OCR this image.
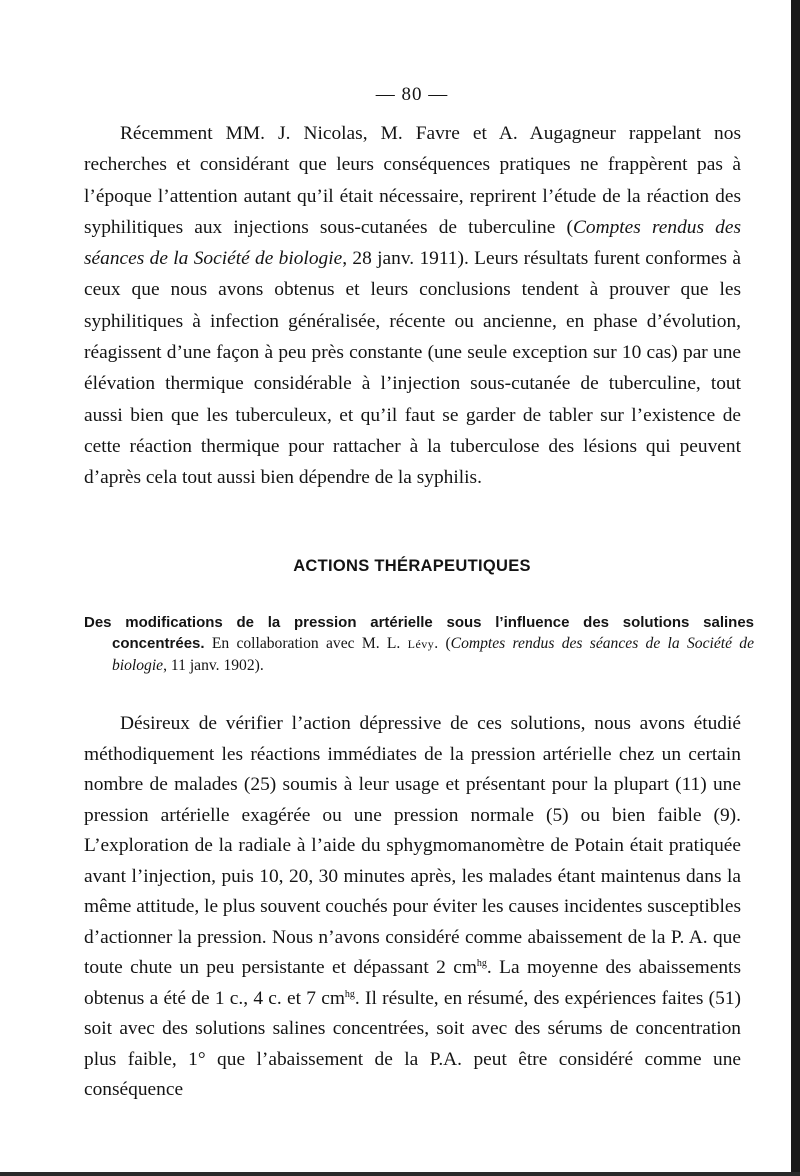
— 80 —

Récemment MM. J. Nicolas, M. Favre et A. Augagneur rappelant nos recherches et considérant que leurs conséquences pratiques ne frappèrent pas à l’époque l’attention autant qu’il était nécessaire, reprirent l’étude de la réaction des syphilitiques aux injections sous-cutanées de tuberculine (Comptes rendus des séances de la Société de biologie, 28 janv. 1911). Leurs résultats furent conformes à ceux que nous avons obtenus et leurs conclusions tendent à prouver que les syphilitiques à infection généralisée, récente ou ancienne, en phase d’évolution, réagissent d’une façon à peu près constante (une seule exception sur 10 cas) par une élévation thermique considérable à l’injection sous-cutanée de tuberculine, tout aussi bien que les tuberculeux, et qu’il faut se garder de tabler sur l’existence de cette réaction thermique pour rattacher à la tuberculose des lésions qui peuvent d’après cela tout aussi bien dépendre de la syphilis.

ACTIONS THÉRAPEUTIQUES

Des modifications de la pression artérielle sous l’influence des solutions salines concentrées. En collaboration avec M. L. Lévy. (Comptes rendus des séances de la Société de biologie, 11 janv. 1902).

Désireux de vérifier l’action dépressive de ces solutions, nous avons étudié méthodiquement les réactions immédiates de la pression artérielle chez un certain nombre de malades (25) soumis à leur usage et présentant pour la plupart (11) une pression artérielle exagérée ou une pression normale (5) ou bien faible (9). L’exploration de la radiale à l’aide du sphygmomanomètre de Potain était pratiquée avant l’injection, puis 10, 20, 30 minutes après, les malades étant maintenus dans la même attitude, le plus souvent couchés pour éviter les causes incidentes susceptibles d’actionner la pression. Nous n’avons considéré comme abaissement de la P. A. que toute chute un peu persistante et dépassant 2 $cm^{hg}$. La moyenne des abaissements obtenus a été de 1 c., 4 c. et 7 $cm^{hg}$. Il résulte, en résumé, des expériences faites (51) soit avec des solutions salines concentrées, soit avec des sérums de concentration plus faible, 1° que l’abaissement de la P.A. peut être considéré comme une conséquence
